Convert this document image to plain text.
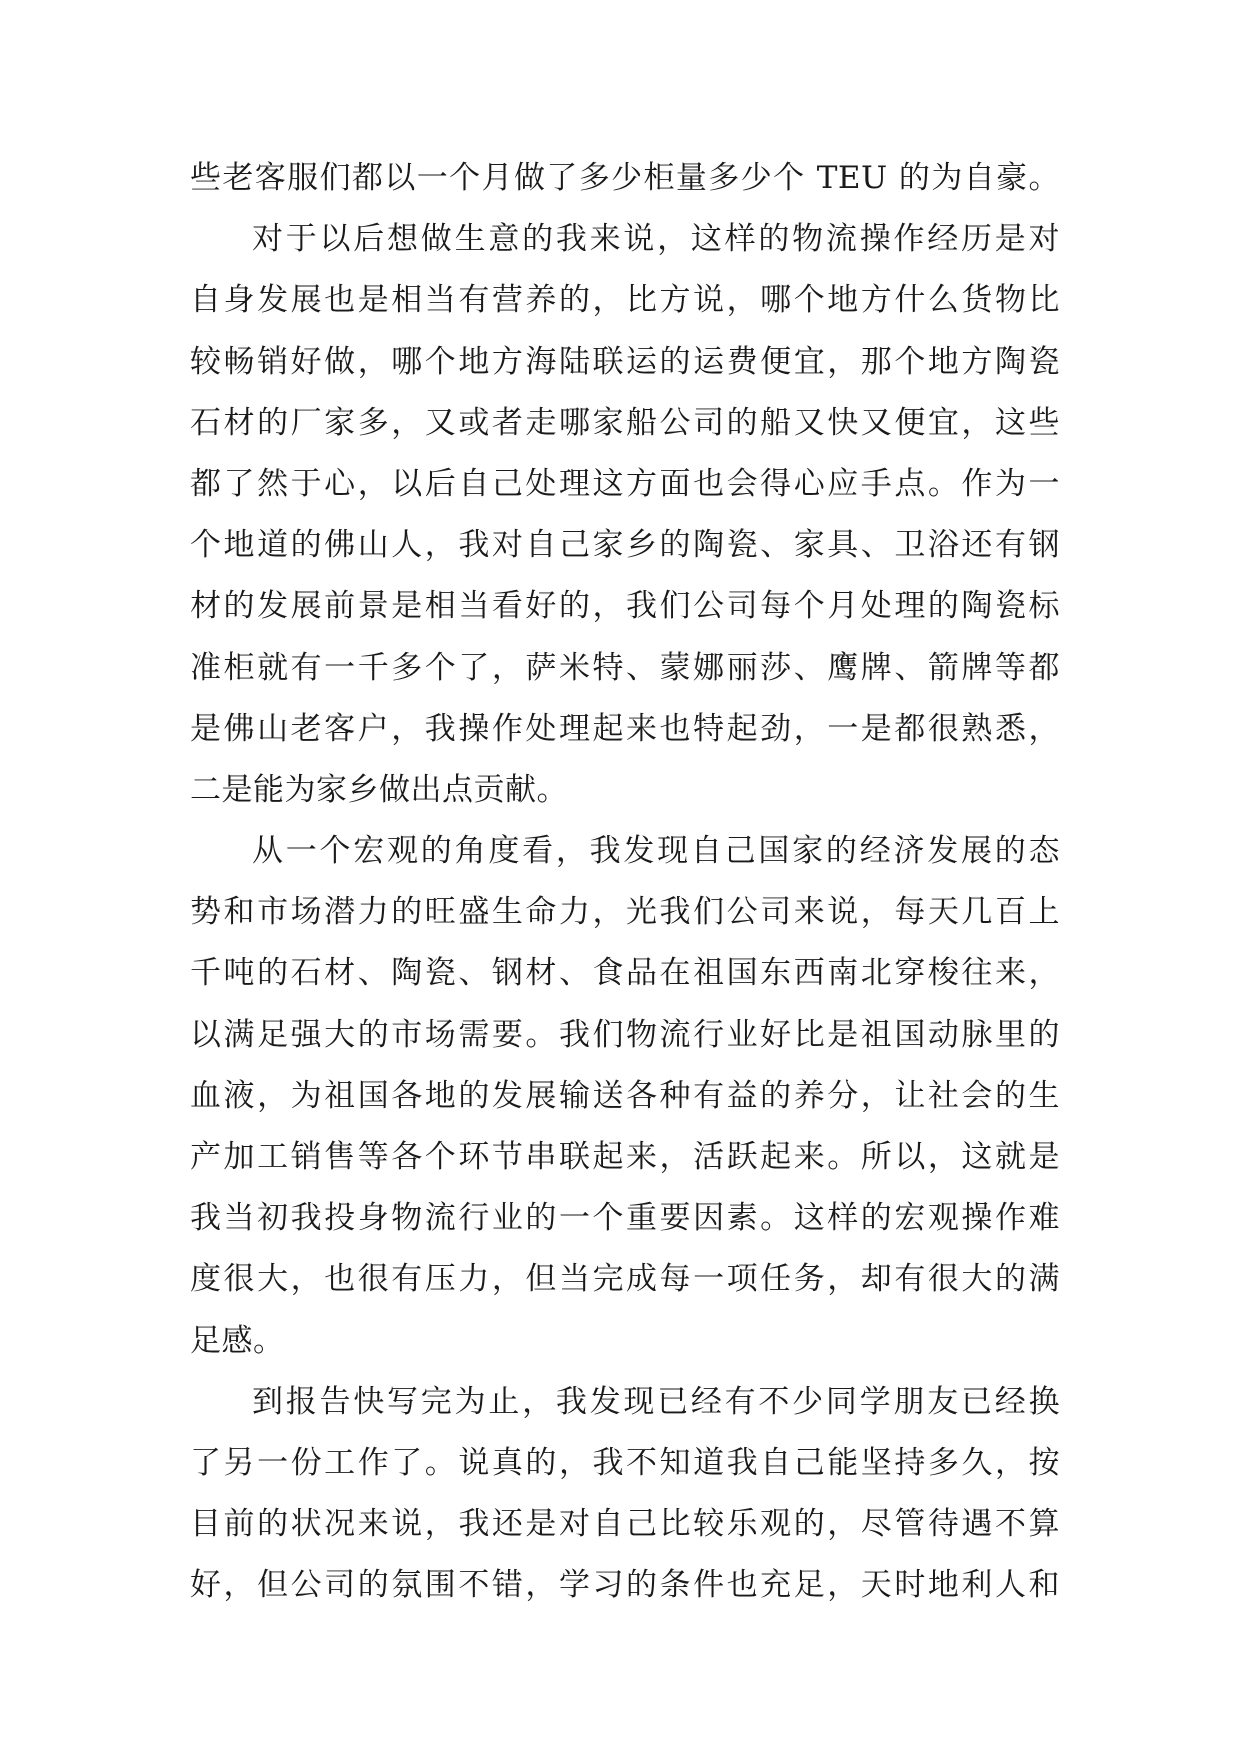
些老客服们都以一个月做了多少柜量多少个 TEU 的为自豪。
对于以后想做生意的我来说，这样的物流操作经历是对
自身发展也是相当有营养的，比方说，哪个地方什么货物比
较畅销好做，哪个地方海陆联运的运费便宜，那个地方陶瓷
石材的厂家多，又或者走哪家船公司的船又快又便宜，这些
都了然于心，以后自己处理这方面也会得心应手点。作为一
个地道的佛山人，我对自己家乡的陶瓷、家具、卫浴还有钢
材的发展前景是相当看好的，我们公司每个月处理的陶瓷标
准柜就有一千多个了，萨米特、蒙娜丽莎、鹰牌、箭牌等都
是佛山老客户，我操作处理起来也特起劲，一是都很熟悉，
二是能为家乡做出点贡献。
从一个宏观的角度看，我发现自己国家的经济发展的态
势和市场潜力的旺盛生命力，光我们公司来说，每天几百上
千吨的石材、陶瓷、钢材、食品在祖国东西南北穿梭往来，
以满足强大的市场需要。我们物流行业好比是祖国动脉里的
血液，为祖国各地的发展输送各种有益的养分，让社会的生
产加工销售等各个环节串联起来，活跃起来。所以，这就是
我当初我投身物流行业的一个重要因素。这样的宏观操作难
度很大，也很有压力，但当完成每一项任务，却有很大的满
足感。
到报告快写完为止，我发现已经有不少同学朋友已经换
了另一份工作了。说真的，我不知道我自己能坚持多久，按
目前的状况来说，我还是对自己比较乐观的，尽管待遇不算
好，但公司的氛围不错，学习的条件也充足，天时地利人和
